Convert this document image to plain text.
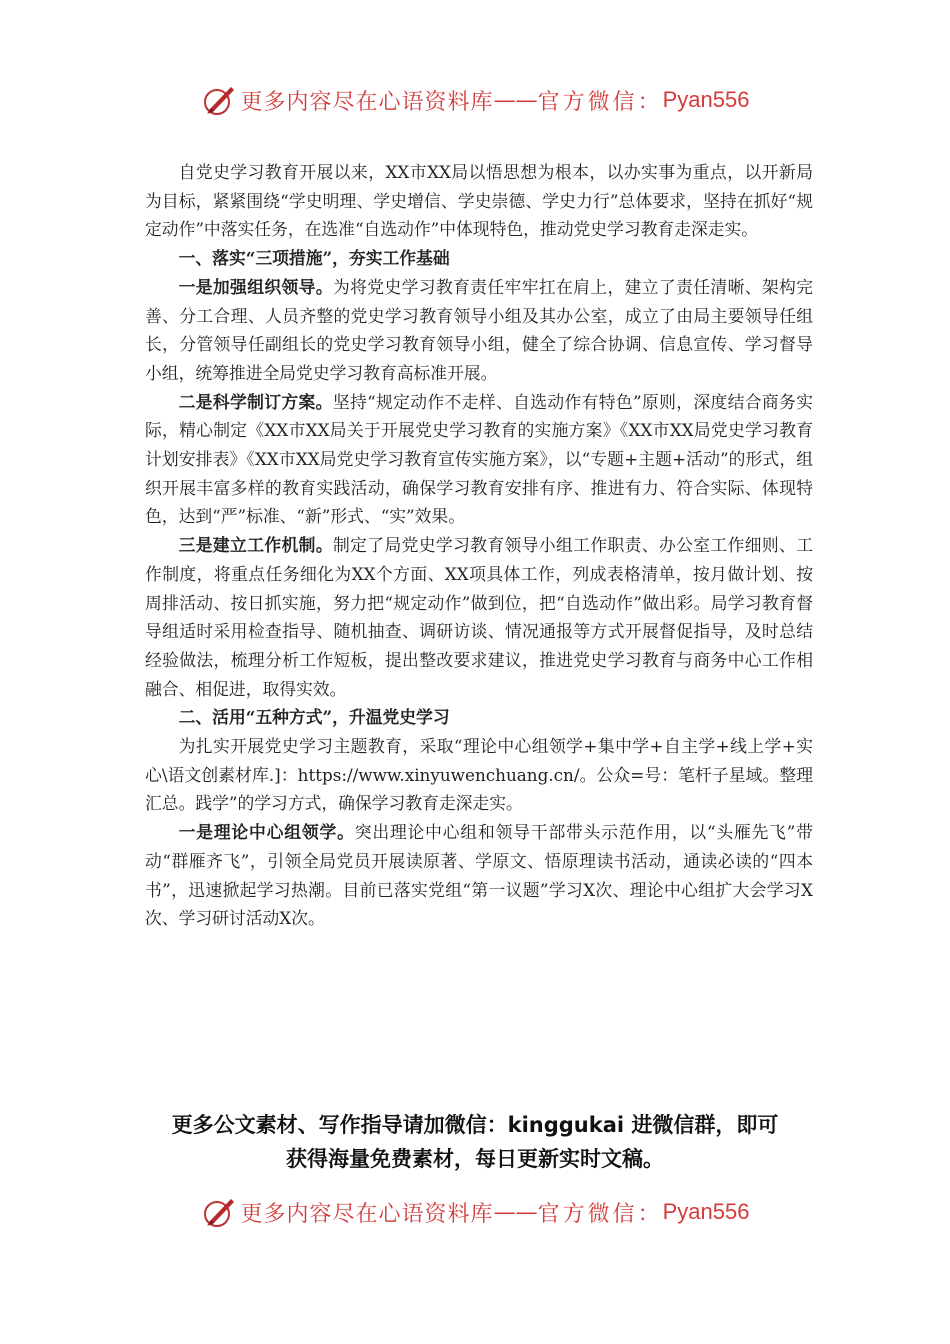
更多内容尽在心语资料库 —— 官方微信： Pyan556

自党史学习教育开展以来，XX市XX局以悟思想为根本，以办实事为重点，以开新局为目标，紧紧围绕“学史明理、学史增信、学史崇德、学史力行”总体要求，坚持在抓好“规定动作”中落实任务，在选准“自选动作”中体现特色，推动党史学习教育走深走实。

一、落实“三项措施”，夯实工作基础

一是加强组织领导。为将党史学习教育责任牢牢扛在肩上，建立了责任清晰、架构完善、分工合理、人员齐整的党史学习教育领导小组及其办公室，成立了由局主要领导任组长，分管领导任副组长的党史学习教育领导小组，健全了综合协调、信息宣传、学习督导小组，统筹推进全局党史学习教育高标准开展。

二是科学制订方案。坚持“规定动作不走样、自选动作有特色”原则，深度结合商务实际，精心制定《XX市XX局关于开展党史学习教育的实施方案》《XX市XX局党史学习教育计划安排表》《XX市XX局党史学习教育宣传实施方案》，以“专题+主题+活动”的形式，组织开展丰富多样的教育实践活动，确保学习教育安排有序、推进有力、符合实际、体现特色，达到“严”标准、“新”形式、“实”效果。

三是建立工作机制。制定了局党史学习教育领导小组工作职责、办公室工作细则、工作制度，将重点任务细化为XX个方面、XX项具体工作，列成表格清单，按月做计划、按周排活动、按日抓实施，努力把“规定动作”做到位，把“自选动作”做出彩。局学习教育督导组适时采用检查指导、随机抽查、调研访谈、情况通报等方式开展督促指导，及时总结经验做法，梳理分析工作短板，提出整改要求建议，推进党史学习教育与商务中心工作相融合、相促进，取得实效。

二、活用“五种方式”，升温党史学习

为扎实开展党史学习主题教育，采取“理论中心组领学+集中学+自主学+线上学+实心\语文创素材库.]：https://www.xinyuwenchuang.cn/。公众=号：笔杆子星域。整理汇总。践学”的学习方式，确保学习教育走深走实。

一是理论中心组领学。突出理论中心组和领导干部带头示范作用，以“头雁先飞”带动“群雁齐飞”，引领全局党员开展读原著、学原文、悟原理读书活动，通读必读的“四本书”，迅速掀起学习热潮。目前已落实党组“第一议题”学习X次、理论中心组扩大会学习X次、学习研讨活动X次。

更多公文素材、写作指导请加微信：kinggukai 进微信群，即可
获得海量免费素材，每日更新实时文稿。
更多内容尽在心语资料库 —— 官方微信： Pyan556
